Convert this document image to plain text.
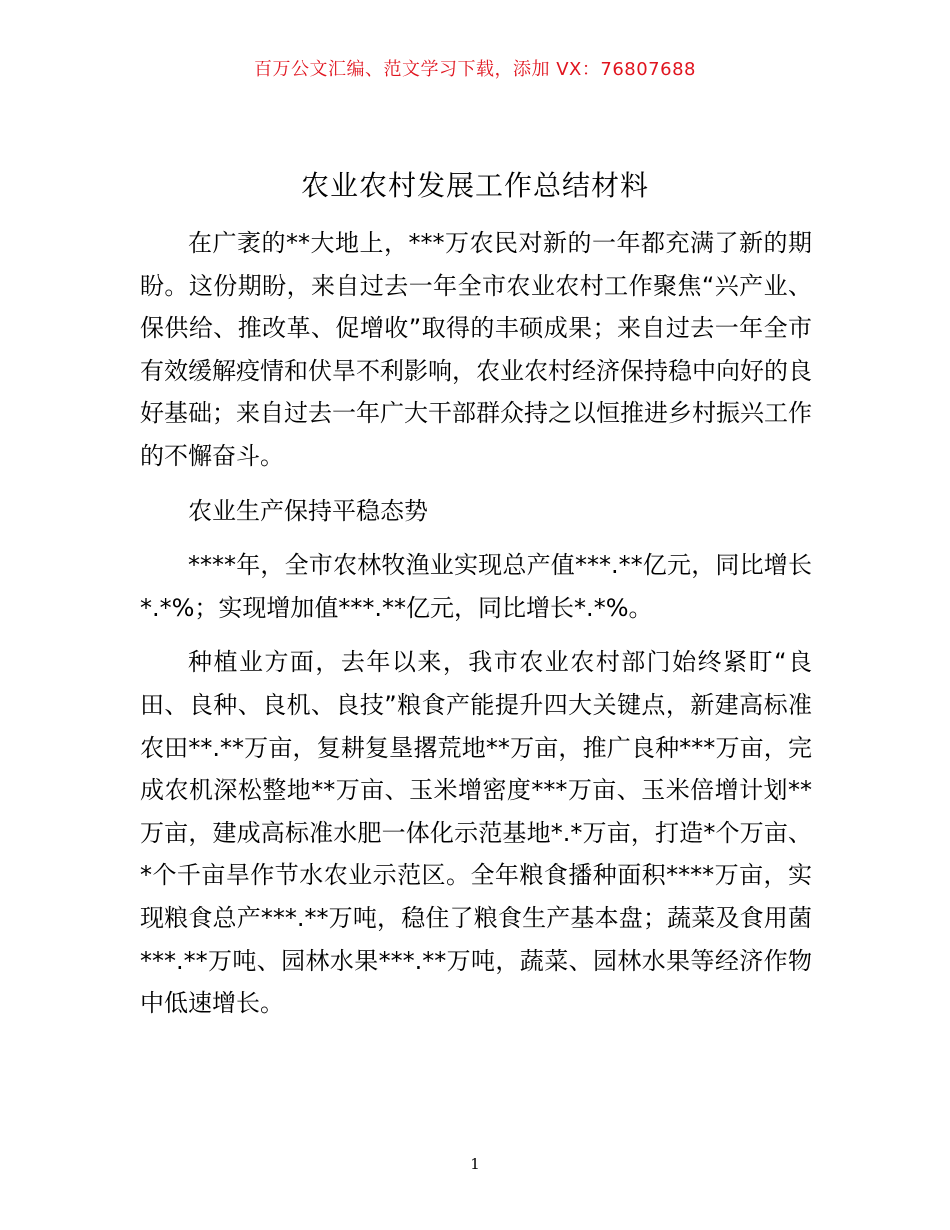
百万公文汇编、范文学习下载，添加 VX：76807688
农业农村发展工作总结材料

在广袤的**大地上，***万农民对新的一年都充满了新的期盼。这份期盼，来自过去一年全市农业农村工作聚焦“兴产业、保供给、推改革、促增收”取得的丰硕成果；来自过去一年全市有效缓解疫情和伏旱不利影响，农业农村经济保持稳中向好的良好基础；来自过去一年广大干部群众持之以恒推进乡村振兴工作的不懈奋斗。

农业生产保持平稳态势

****年，全市农林牧渔业实现总产值***.**亿元，同比增长*.*%；实现增加值***.**亿元，同比增长*.*%。

种植业方面，去年以来，我市农业农村部门始终紧盯“良田、良种、良机、良技”粮食产能提升四大关键点，新建高标准农田**.**万亩，复耕复垦撂荒地**万亩，推广良种***万亩，完成农机深松整地**万亩、玉米增密度***万亩、玉米倍增计划**万亩，建成高标准水肥一体化示范基地*.*万亩，打造*个万亩、*个千亩旱作节水农业示范区。全年粮食播种面积****万亩，实现粮食总产***.**万吨，稳住了粮食生产基本盘；蔬菜及食用菌***.**万吨、园林水果***.**万吨，蔬菜、园林水果等经济作物中低速增长。

1
